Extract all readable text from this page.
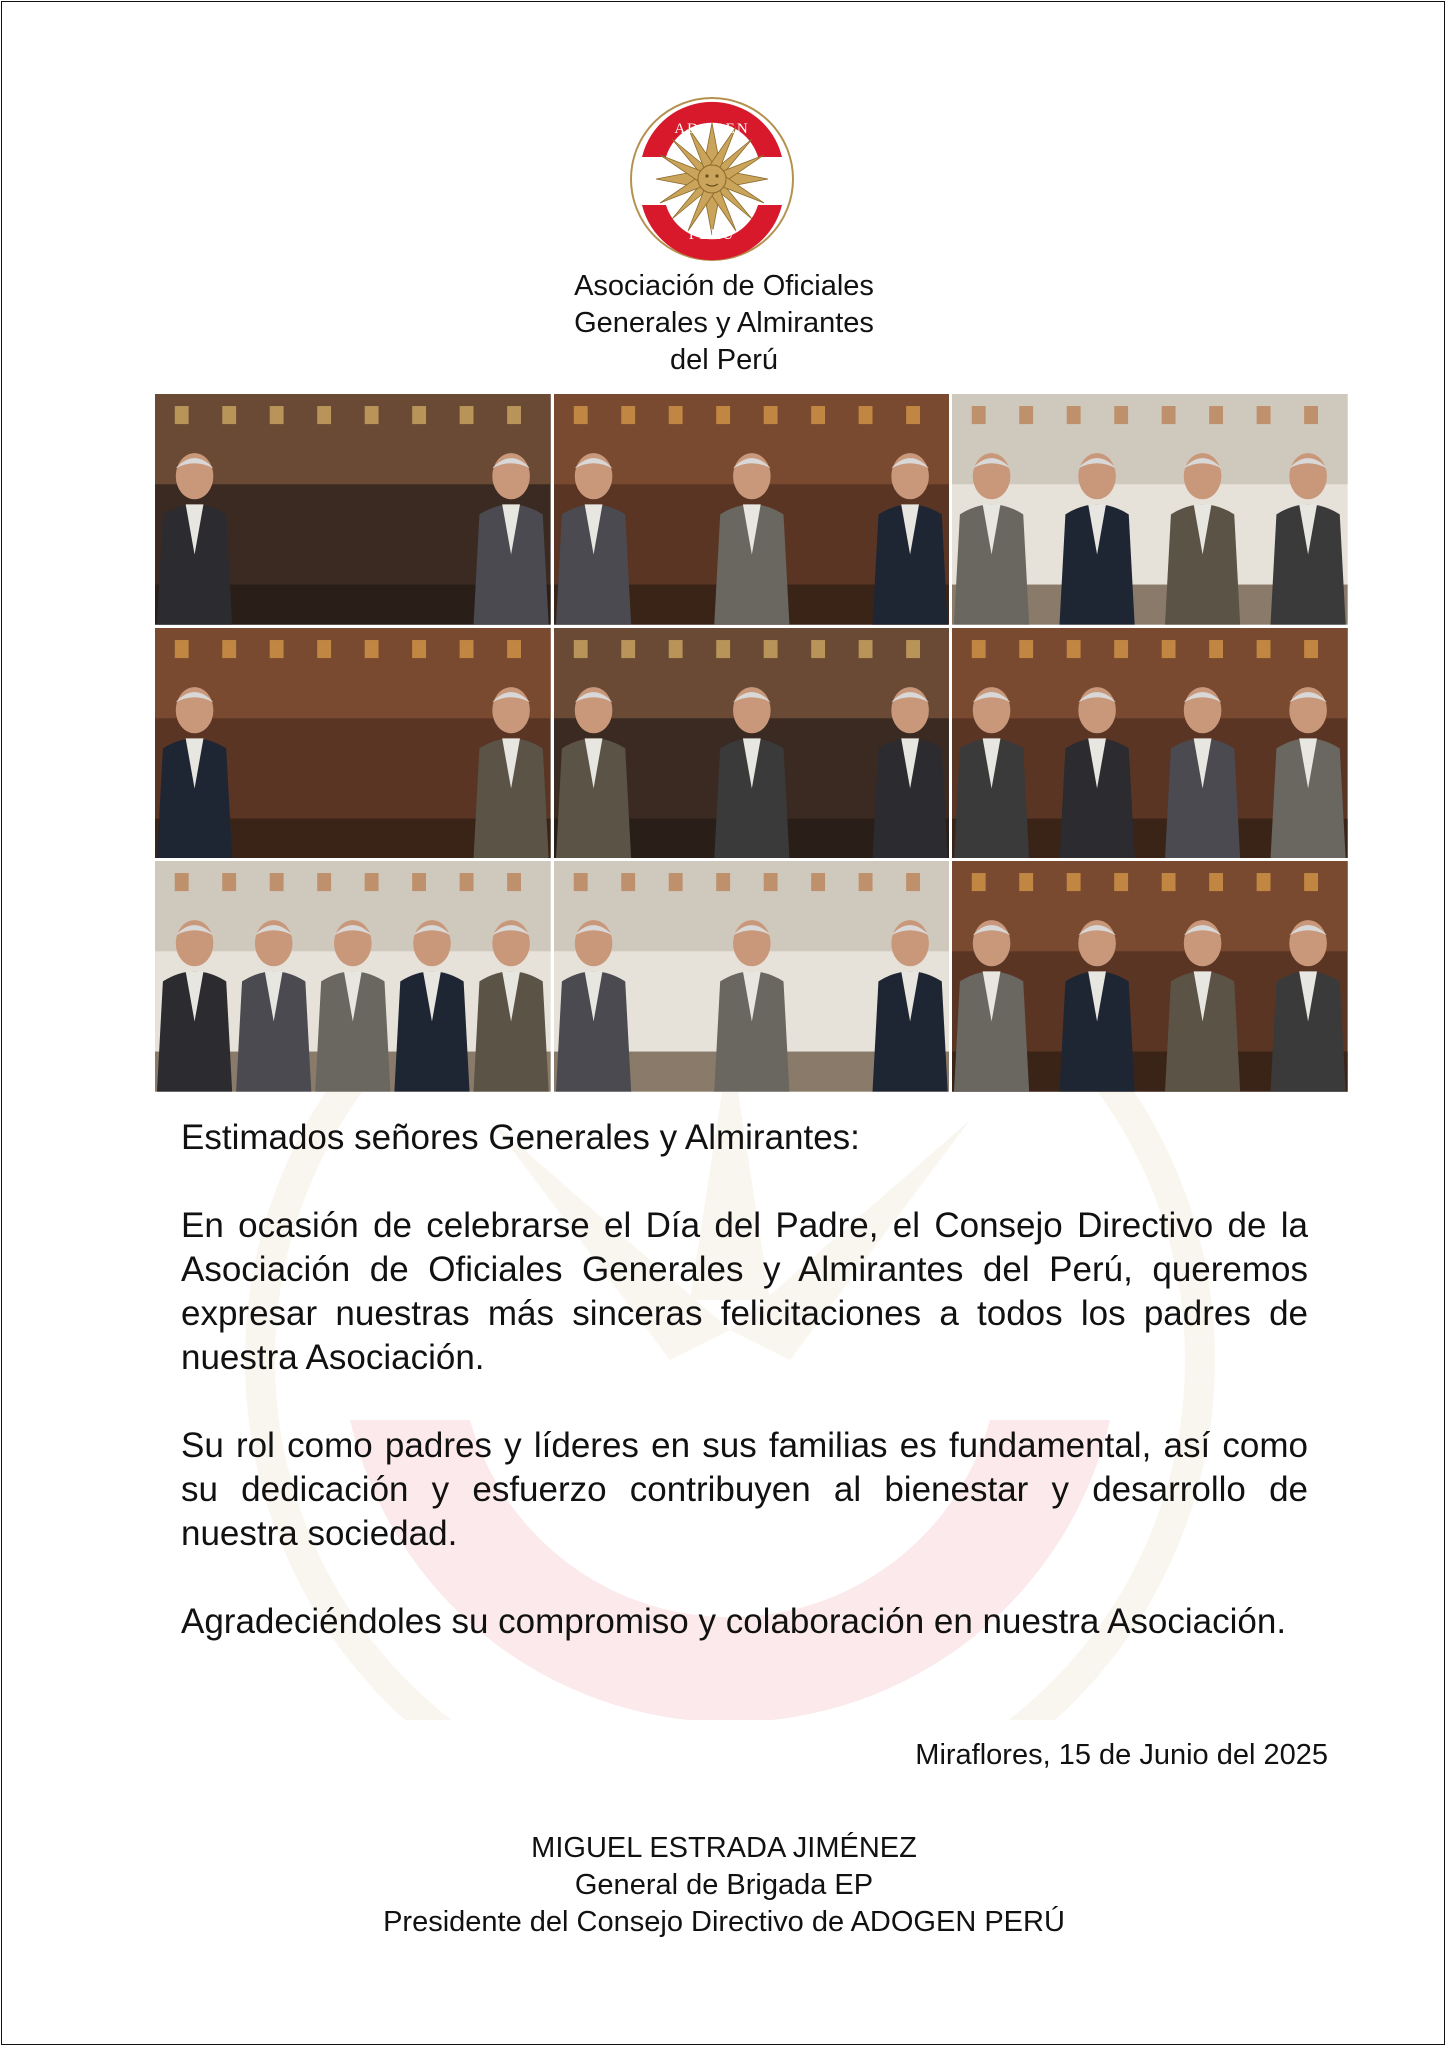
ADOGEN
PERU
Asociación de Oficiales
Generales y Almirantes
del Perú

Estimados señores Generales y Almirantes:

En ocasión de celebrarse el Día del Padre, el Consejo Directivo de la Asociación de Oficiales Generales y Almirantes del Perú, queremos expresar nuestras más sinceras felicitaciones a todos los padres de nuestra Asociación.

Su rol como padres y líderes en sus familias es fundamental, así como su dedicación y esfuerzo contribuyen al bienestar y desarrollo de nuestra sociedad.

Agradeciéndoles su compromiso y colaboración en nuestra Asociación.

Miraflores, 15 de Junio del 2025
MIGUEL ESTRADA JIMÉNEZ
General de Brigada EP
Presidente del Consejo Directivo de ADOGEN PERÚ
